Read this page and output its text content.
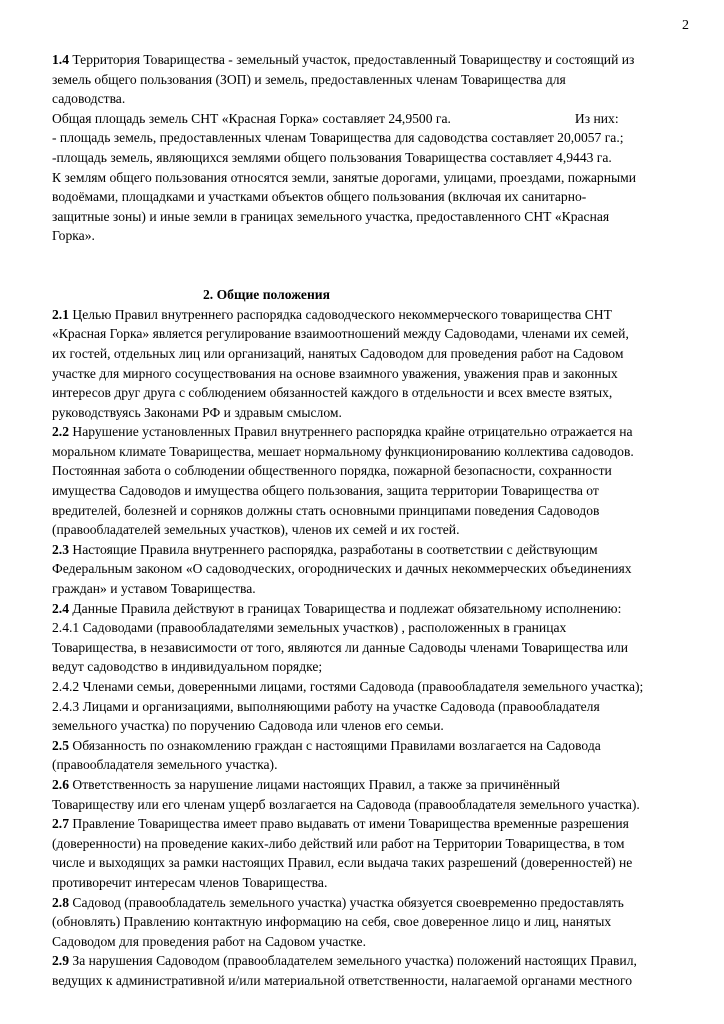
2
1.4 Территория Товарищества - земельный участок, предоставленный Товариществу и состоящий из
земель общего пользования (ЗОП) и земель, предоставленных членам Товарищества для
садоводства.
Общая площадь земель СНТ «Красная Горка» составляет 24,9500 га.	Из них:
- площадь земель, предоставленных членам Товарищества для садоводства составляет 20,0057 га.;
-площадь земель, являющихся землями общего пользования Товарищества составляет 4,9443 га.
К землям общего пользования относятся земли, занятые дорогами, улицами, проездами, пожарными
водоёмами, площадками и участками объектов общего пользования (включая их санитарно-
защитные зоны) и иные земли в границах земельного участка, предоставленного СНТ «Красная
Горка».
2. Общие положения
2.1 Целью Правил внутреннего распорядка садоводческого некоммерческого товарищества СНТ
«Красная Горка» является регулирование взаимоотношений между Садоводами, членами их семей,
их гостей, отдельных лиц или организаций, нанятых Садоводом для проведения работ на Садовом
участке для мирного сосуществования на основе взаимного уважения, уважения прав и законных
интересов друг друга с соблюдением обязанностей каждого в отдельности и всех вместе взятых,
руководствуясь Законами РФ и здравым смыслом.
2.2 Нарушение установленных Правил внутреннего распорядка крайне отрицательно отражается на
моральном климате Товарищества, мешает нормальному функционированию коллектива садоводов.
Постоянная забота о соблюдении общественного порядка, пожарной безопасности, сохранности
имущества Садоводов и имущества общего пользования, защита территории Товарищества от
вредителей, болезней и сорняков должны стать основными принципами поведения Садоводов
(правообладателей земельных участков), членов их семей и их гостей.
2.3 Настоящие Правила внутреннего распорядка, разработаны в соответствии с действующим
Федеральным законом «О садоводческих, огороднических и дачных некоммерческих объединениях
граждан» и уставом Товарищества.
2.4 Данные Правила действуют в границах Товарищества и подлежат обязательному исполнению:
2.4.1 Садоводами (правообладателями земельных участков) , расположенных в границах
Товарищества, в независимости от того, являются ли данные Садоводы членами Товарищества или
ведут садоводство в индивидуальном порядке;
2.4.2 Членами семьи, доверенными лицами, гостями Садовода (правообладателя земельного участка);
2.4.3 Лицами и организациями, выполняющими работу на участке Садовода (правообладателя
земельного участка) по поручению Садовода или членов его семьи.
2.5 Обязанность по ознакомлению граждан с настоящими Правилами возлагается на Садовода
(правообладателя земельного участка).
2.6 Ответственность за нарушение лицами настоящих Правил, а также за причинённый
Товариществу или его членам ущерб возлагается на Садовода (правообладателя земельного участка).
2.7 Правление Товарищества имеет право выдавать от имени Товарищества временные разрешения
(доверенности) на проведение каких-либо действий или работ на Территории Товарищества, в том
числе и выходящих за рамки настоящих Правил, если выдача таких разрешений (доверенностей) не
противоречит интересам членов Товарищества.
2.8 Садовод (правообладатель земельного участка) участка обязуется своевременно предоставлять
(обновлять) Правлению контактную информацию на себя, свое доверенное лицо и лиц, нанятых
Садоводом для проведения работ на Садовом участке.
2.9 За нарушения Садоводом (правообладателем земельного участка) положений настоящих Правил,
ведущих к административной и/или материальной ответственности, налагаемой органами местного
